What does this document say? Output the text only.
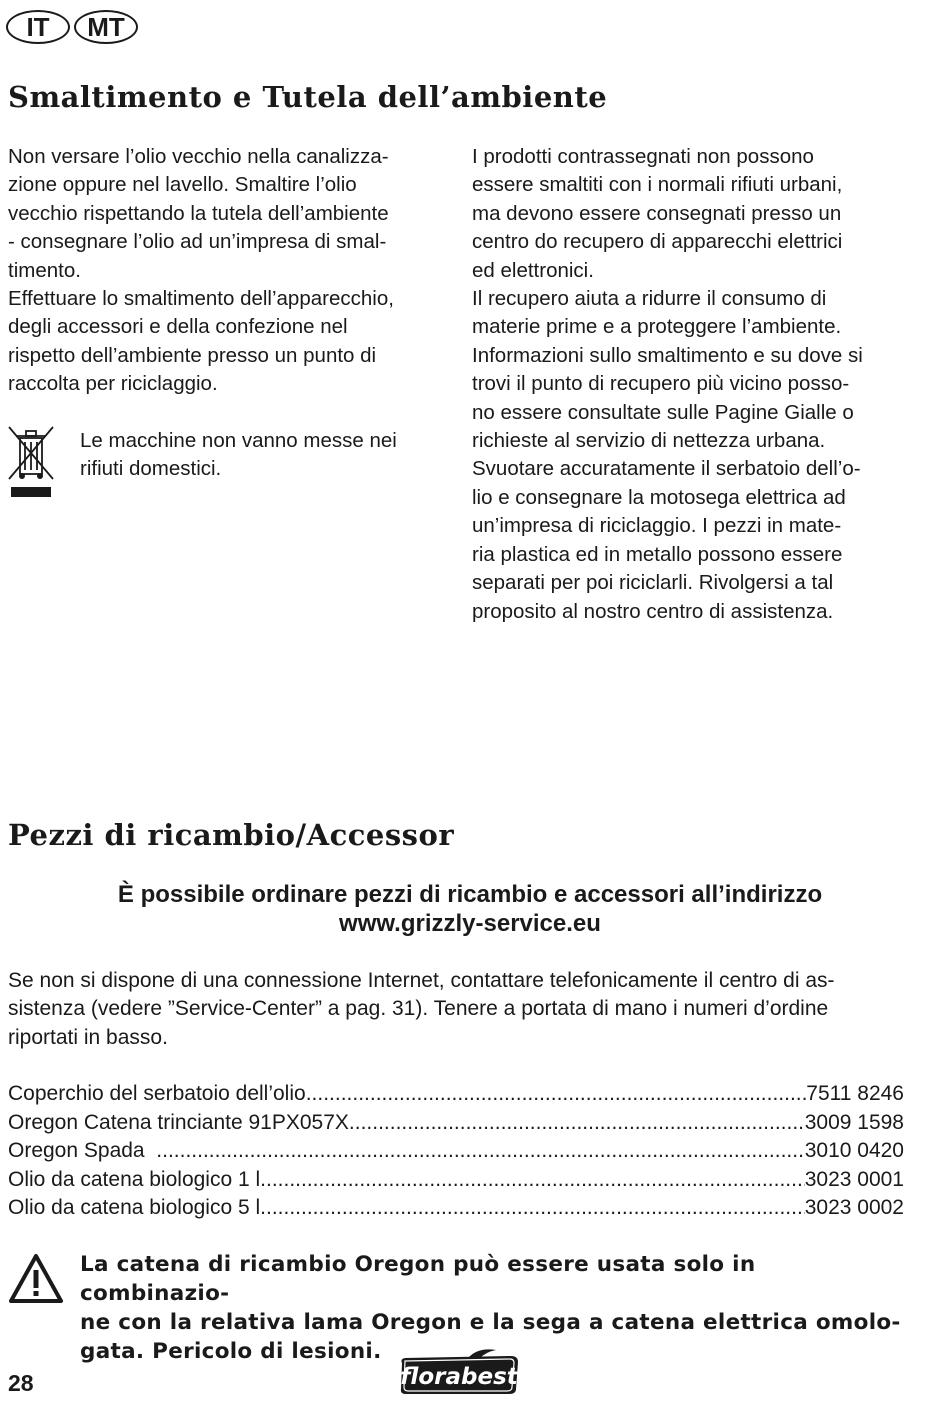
IT	MT
Smaltimento e Tutela dell’ambiente

Non versare l’olio vecchio nella canalizza-

zione oppure nel lavello. Smaltire l’olio

vecchio rispettando la tutela dell’ambiente

- consegnare l’olio ad un’impresa di smal-

timento.

Effettuare lo smaltimento dell’apparecchio,

degli accessori e della confezione nel

rispetto dell’ambiente presso un punto di

raccolta per riciclaggio.

Le macchine non vanno messe nei

rifiuti domestici.

I prodotti contrassegnati non possono

essere smaltiti con i normali rifiuti urbani,

ma devono essere consegnati presso un

centro do recupero di apparecchi elettrici

ed elettronici.

Il recupero aiuta a ridurre il consumo di

materie prime e a proteggere l’ambiente.

Informazioni sullo smaltimento e su dove si

trovi il punto di recupero più vicino posso-

no essere consultate sulle Pagine Gialle o

richieste al servizio di nettezza urbana.

Svuotare accuratamente il serbatoio dell’o-

lio e consegnare la motosega elettrica ad

un’impresa di riciclaggio. I pezzi in mate-

ria plastica ed in metallo possono essere

separati per poi riciclarli. Rivolgersi a tal

proposito al nostro centro di assistenza.

Pezzi di ricambio/Accessor
È possibile ordinare pezzi di ricambio e accessori all’indirizzo
www.grizzly-service.eu

Se non si dispone di una connessione Internet, contattare telefonicamente il centro di as-

sistenza (vedere ”Service-Center” a pag. 31). Tenere a portata di mano i numeri d’ordine

riportati in basso.

Coperchio del serbatoio dell’olio .....	7511 8246
Oregon Catena trinciante 91PX057X .....	3009 1598
Oregon Spada .....	3010 0420
Olio da catena biologico 1 l .....	3023 0001
Olio da catena biologico 5 l .....	3023 0002
La catena di ricambio Oregon può essere usata solo in combinazio-
ne con la relativa lama Oregon e la sega a catena elettrica omolo-
gata. Pericolo di lesioni.
28	florabest
